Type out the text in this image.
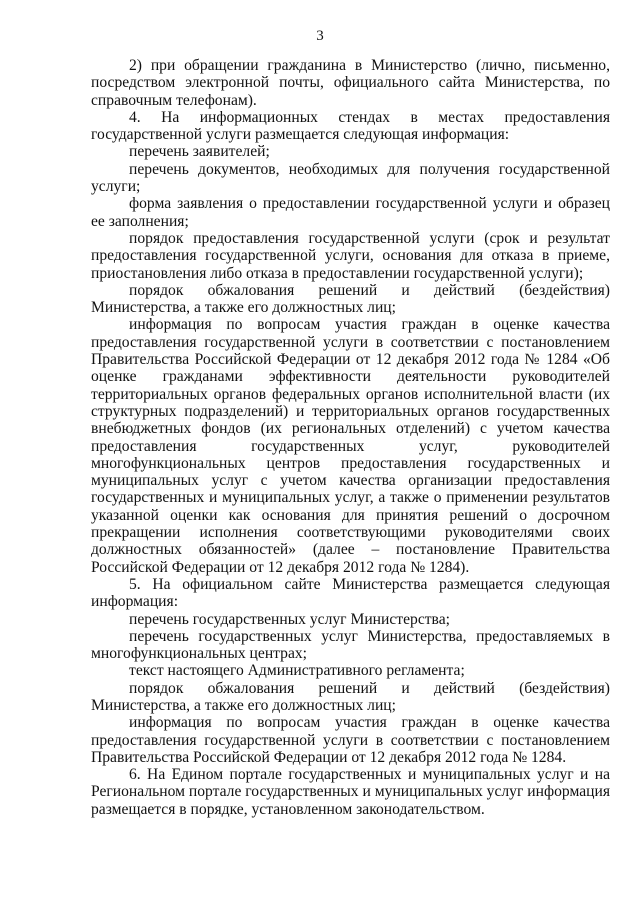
3

2) при обращении гражданина в Министерство (лично, письменно, посредством электронной почты, официального сайта Министерства, по справочным телефонам).

4. На информационных стендах в местах предоставления государственной услуги размещается следующая информация:

перечень заявителей;

перечень документов, необходимых для получения государственной услуги;

форма заявления о предоставлении государственной услуги и образец ее заполнения;

порядок предоставления государственной услуги (срок и результат предоставления государственной услуги, основания для отказа в приеме, приостановления либо отказа в предоставлении государственной услуги);

порядок обжалования решений и действий (бездействия) Министерства, а также его должностных лиц;

информация по вопросам участия граждан в оценке качества предоставления государственной услуги в соответствии с постановлением Правительства Российской Федерации от 12 декабря 2012 года № 1284 «Об оценке гражданами эффективности деятельности руководителей территориальных органов федеральных органов исполнительной власти (их структурных подразделений) и территориальных органов государственных внебюджетных фондов (их региональных отделений) с учетом качества предоставления государственных услуг, руководителей многофункциональных центров предоставления государственных и муниципальных услуг с учетом качества организации предоставления государственных и муниципальных услуг, а также о применении результатов указанной оценки как основания для принятия решений о досрочном прекращении исполнения соответствующими руководителями своих должностных обязанностей» (далее – постановление Правительства Российской Федерации от 12 декабря 2012 года № 1284).

5. На официальном сайте Министерства размещается следующая информация:

перечень государственных услуг Министерства;

перечень государственных услуг Министерства, предоставляемых в многофункциональных центрах;

текст настоящего Административного регламента;

порядок обжалования решений и действий (бездействия) Министерства, а также его должностных лиц;

информация по вопросам участия граждан в оценке качества предоставления государственной услуги в соответствии с постановлением Правительства Российской Федерации от 12 декабря 2012 года № 1284.

6. На Едином портале государственных и муниципальных услуг и на Региональном портале государственных и муниципальных услуг информация размещается в порядке, установленном законодательством.
